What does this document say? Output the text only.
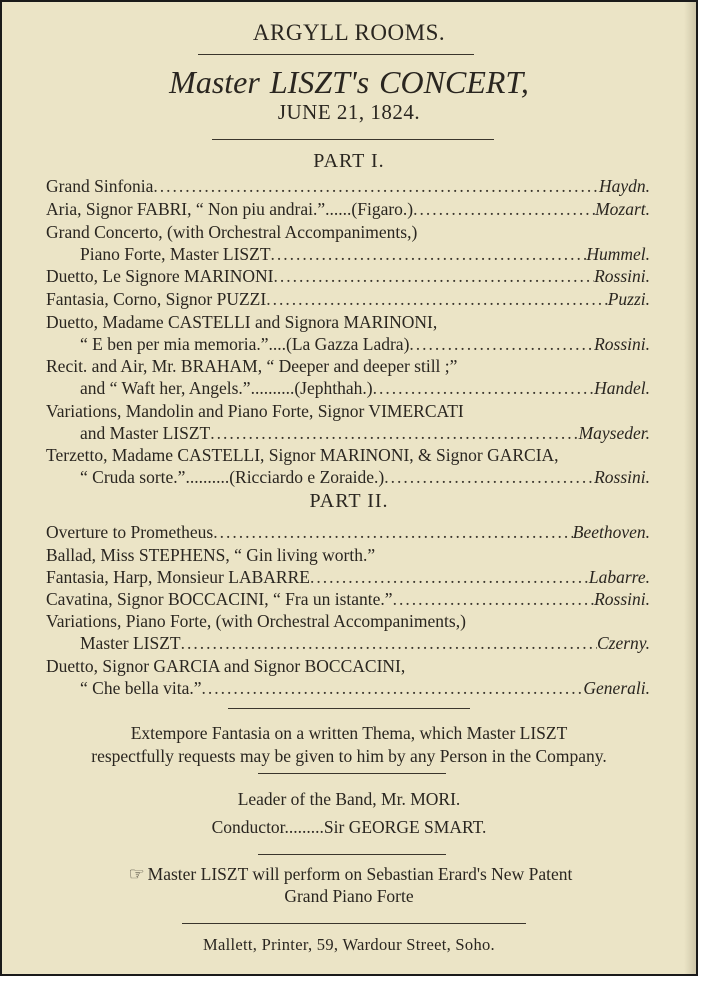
ARGYLL ROOMS.
Master LISZT's CONCERT,
JUNE 21, 1824.
PART I.
Grand Sinfonia .....	Haydn.
Aria, Signor FABRI, “ Non piu andrai.”......(Figaro.) .....	Mozart.
Grand Concerto, (with Orchestral Accompaniments,)
Piano Forte, Master LISZT .....	Hummel.
Duetto, Le Signore MARINONI .....	Rossini.
Fantasia, Corno, Signor PUZZI .....	Puzzi.
Duetto, Madame CASTELLI and Signora MARINONI,
“ E ben per mia memoria.”....(La Gazza Ladra) .....	Rossini.
Recit. and Air, Mr. BRAHAM, “ Deeper and deeper still ;”
and “ Waft her, Angels.”..........(Jephthah.) .....	Handel.
Variations, Mandolin and Piano Forte, Signor VIMERCATI
and Master LISZT .....	Mayseder.
Terzetto, Madame CASTELLI, Signor MARINONI, & Signor GARCIA,
“ Cruda sorte.”..........(Ricciardo e Zoraide.) .....	Rossini.
PART II.
Overture to Prometheus .....	Beethoven.
Ballad, Miss STEPHENS, “ Gin living worth.”
Fantasia, Harp, Monsieur LABARRE .....	Labarre.
Cavatina, Signor BOCCACINI, “ Fra un istante.” .....	Rossini.
Variations, Piano Forte, (with Orchestral Accompaniments,)
Master LISZT .....	Czerny.
Duetto, Signor GARCIA and Signor BOCCACINI,
“ Che bella vita.” .....	Generali.
Extempore Fantasia on a written Thema, which Master LISZT
respectfully requests may be given to him by any Person in the Company.
Leader of the Band, Mr. MORI.
Conductor.........Sir GEORGE SMART.
☞ Master LISZT will perform on Sebastian Erard's New Patent
Grand Piano Forte
Mallett, Printer, 59, Wardour Street, Soho.
